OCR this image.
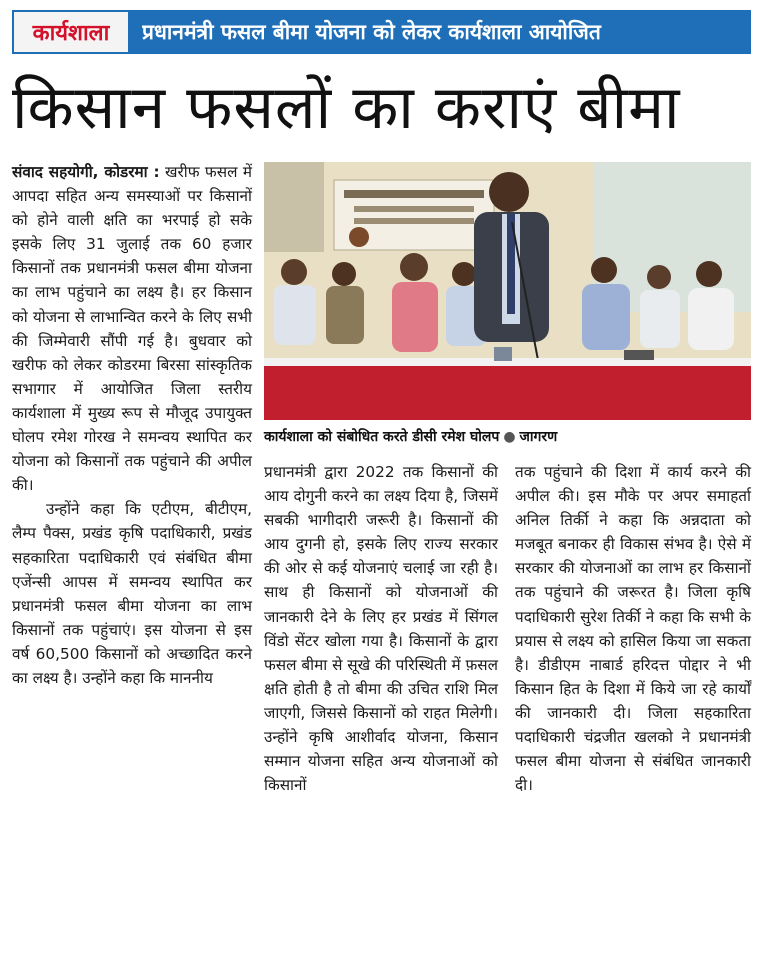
कार्यशाला	प्रधानमंत्री फसल बीमा योजना को लेकर कार्यशाला आयोजित
किसान फसलों का कराएं बीमा

संवाद सहयोगी, कोडरमा : खरीफ फसल में आपदा सहित अन्य समस्याओं पर किसानों को होने वाली क्षति का भरपाई हो सके इसके लिए 31 जुलाई तक 60 हजार किसानों तक प्रधानमंत्री फसल बीमा योजना का लाभ पहुंचाने का लक्ष्य है। हर किसान को योजना से लाभान्वित करने के लिए सभी की जिम्मेवारी सौंपी गई है। बुधवार को खरीफ को लेकर कोडरमा बिरसा सांस्कृतिक सभागार में आयोजित जिला स्तरीय कार्यशाला में मुख्य रूप से मौजूद उपायुक्त घोलप रमेश गोरख ने समन्वय स्थापित कर योजना को किसानों तक पहुंचाने की अपील की।

उन्होंने कहा कि एटीएम, बीटीएम, लैम्प पैक्स, प्रखंड कृषि पदाधिकारी, प्रखंड सहकारिता पदाधिकारी एवं संबंधित बीमा एजेंन्सी आपस में समन्वय स्थापित कर प्रधानमंत्री फसल बीमा योजना का लाभ किसानों तक पहुंचाएं। इस योजना से इस वर्ष 60,500 किसानों को अच्छादित करने का लक्ष्य है। उन्होंने कहा कि माननीय

कार्यशाला को संबोधित करते डीसी रमेश घोलप ● जागरण

प्रधानमंत्री द्वारा 2022 तक किसानों की आय दोगुनी करने का लक्ष्य दिया है, जिसमें सबकी भागीदारी जरूरी है। किसानों की आय दुगनी हो, इसके लिए राज्य सरकार की ओर से कई योजनाएं चलाई जा रही है। साथ ही किसानों को योजनाओं की जानकारी देने के लिए हर प्रखंड में सिंगल विंडो सेंटर खोला गया है। किसानों के द्वारा फसल बीमा से सूखे की परिस्थिती में फ़सल क्षति होती है तो बीमा की उचित राशि मिल जाएगी, जिससे किसानों को राहत मिलेगी। उन्होंने कृषि आशीर्वाद योजना, किसान सम्मान योजना सहित अन्य योजनाओं को किसानों

तक पहुंचाने की दिशा में कार्य करने की अपील की। इस मौके पर अपर समाहर्ता अनिल तिर्की ने कहा कि अन्नदाता को मजबूत बनाकर ही विकास संभव है। ऐसे में सरकार की योजनाओं का लाभ हर किसानों तक पहुंचाने की जरूरत है। जिला कृषि पदाधिकारी सुरेश तिर्की ने कहा कि सभी के प्रयास से लक्ष्य को हासिल किया जा सकता है। डीडीएम नाबार्ड हरिदत्त पोद्दार ने भी किसान हित के दिशा में किये जा रहे कार्यों की जानकारी दी। जिला सहकारिता पदाधिकारी चंद्रजीत खलको ने प्रधानमंत्री फसल बीमा योजना से संबंधित जानकारी दी।
